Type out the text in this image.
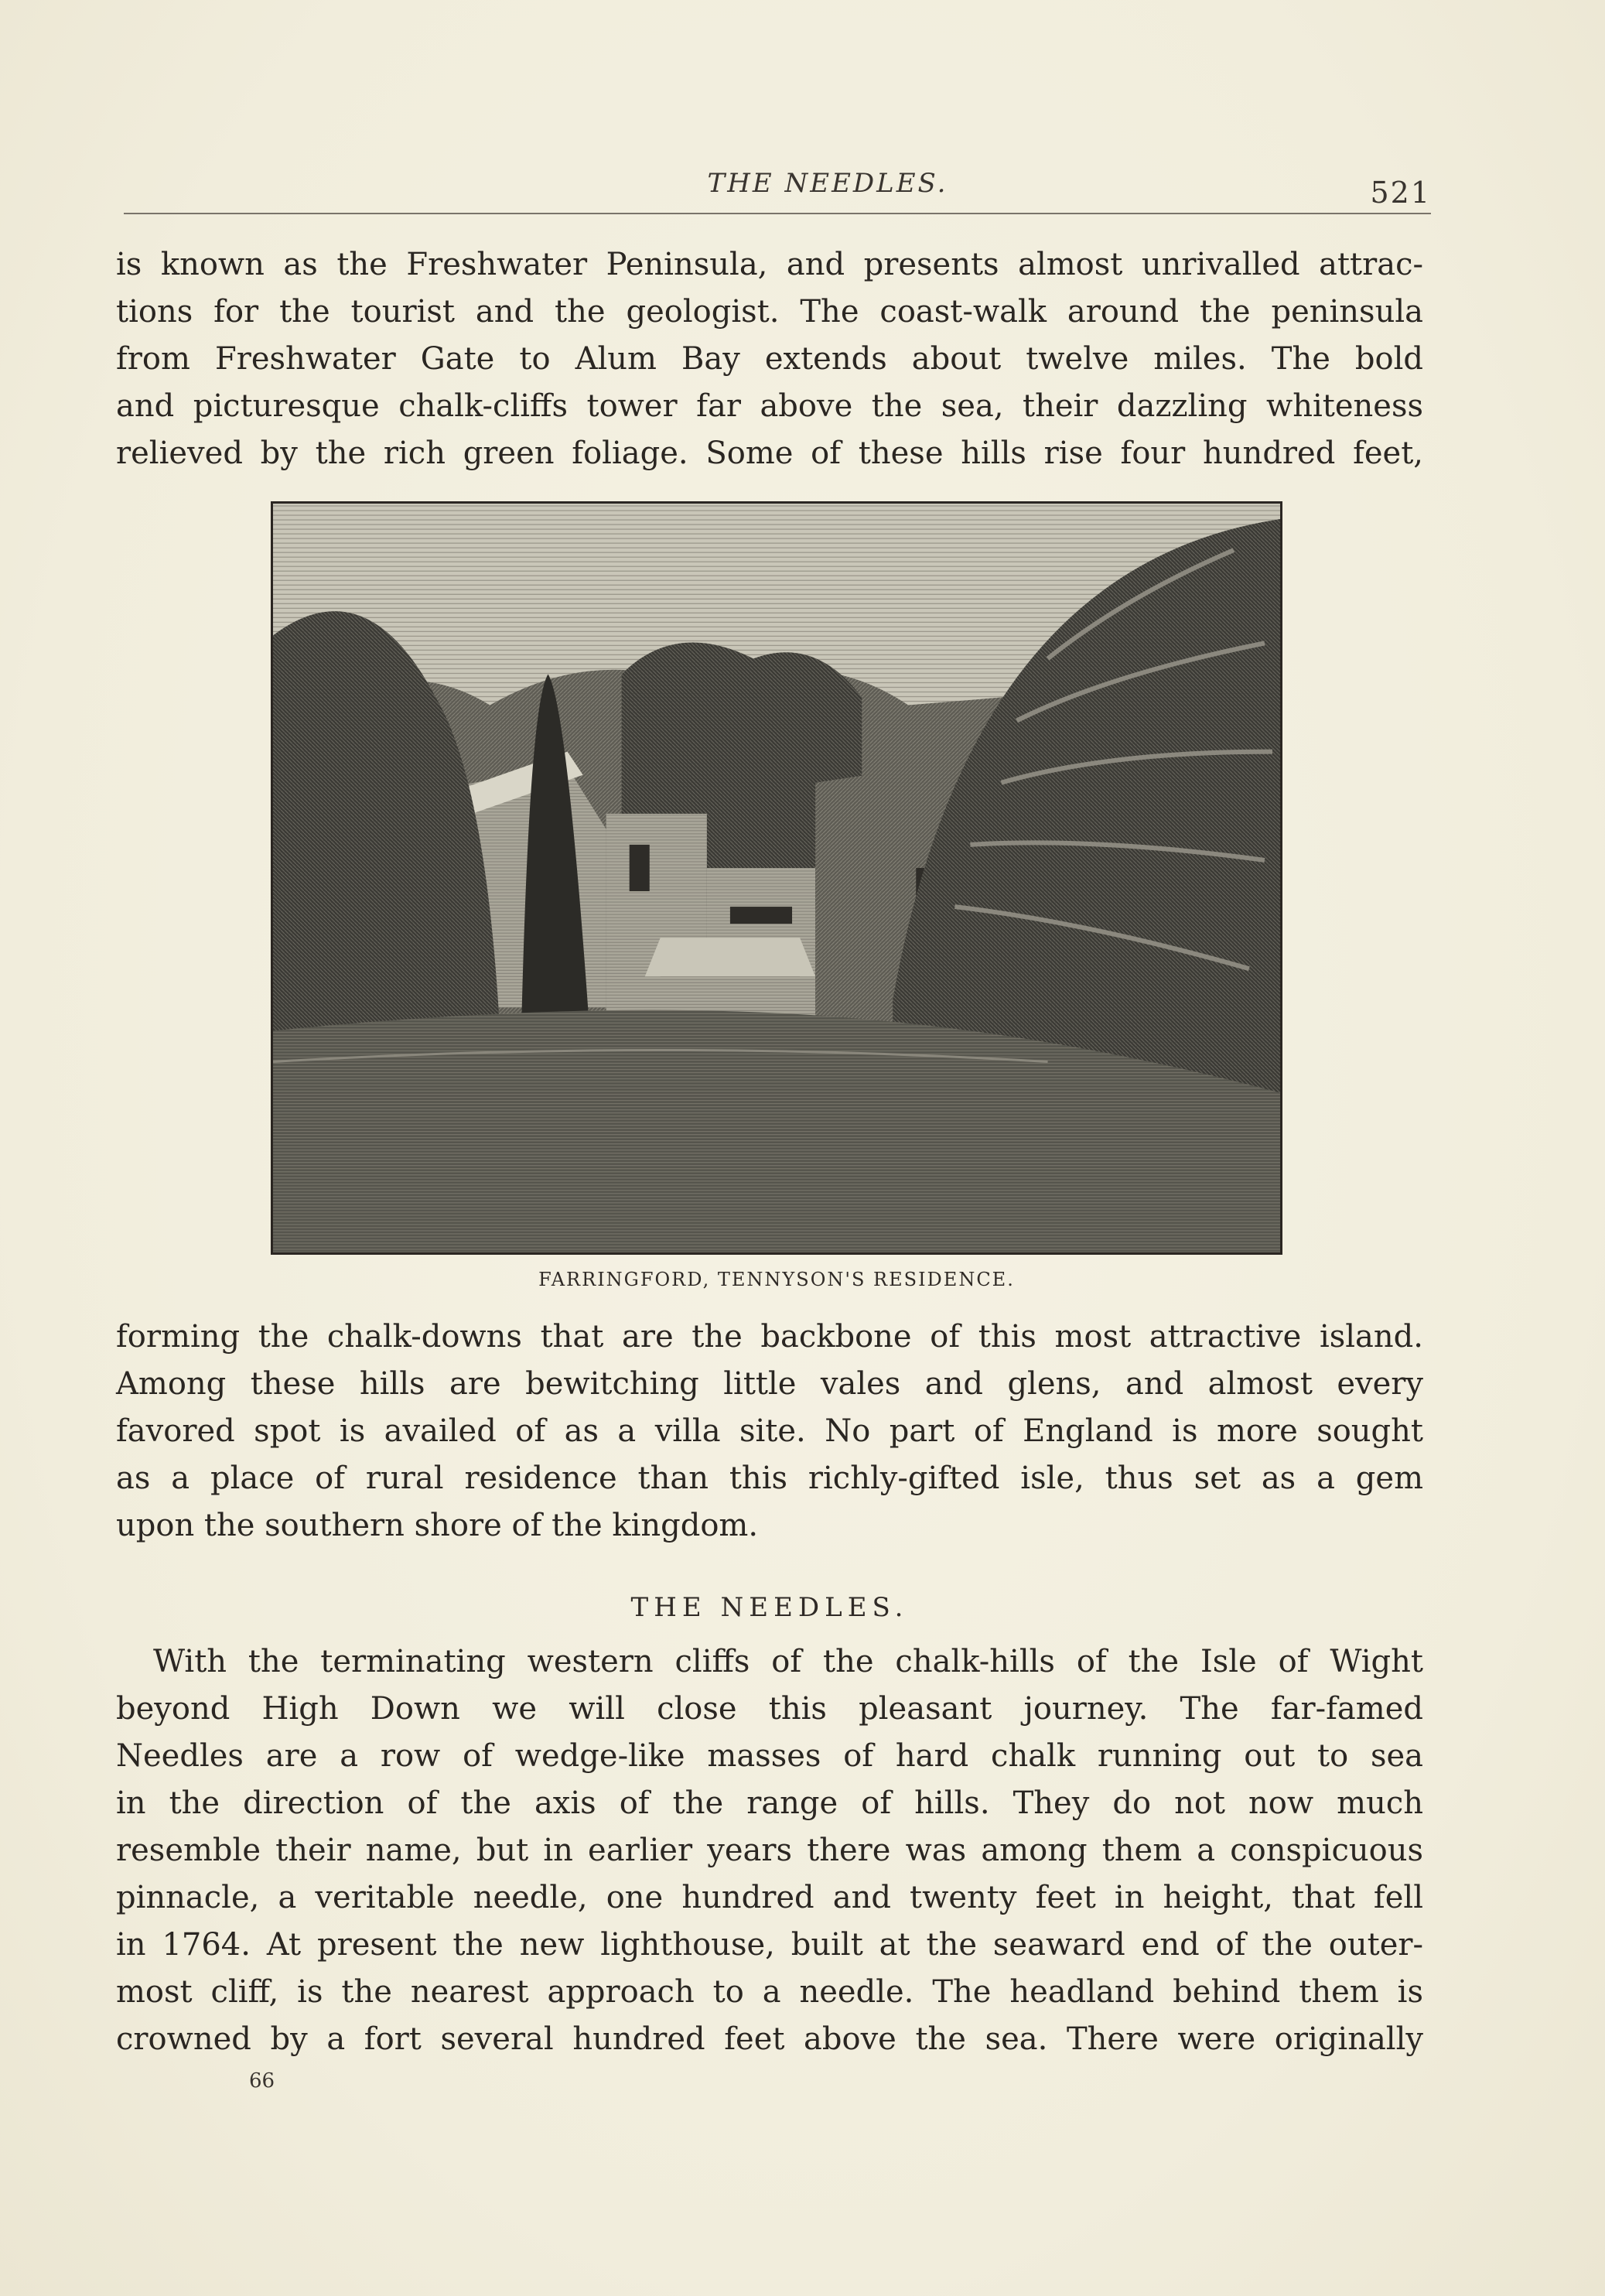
THE NEEDLES.	521
is known as the Freshwater Peninsula, and presents almost unrivalled attrac-
tions for the tourist and the geologist. The coast-walk around the peninsula
from Freshwater Gate to Alum Bay extends about twelve miles. The bold
and picturesque chalk-cliffs tower far above the sea, their dazzling whiteness
relieved by the rich green foliage. Some of these hills rise four hundred feet,
FARRINGFORD, TENNYSON'S RESIDENCE.
forming the chalk-downs that are the backbone of this most attractive island.
Among these hills are bewitching little vales and glens, and almost every
favored spot is availed of as a villa site. No part of England is more sought
as a place of rural residence than this richly-gifted isle, thus set as a gem
upon the southern shore of the kingdom.
THE NEEDLES.
With the terminating western cliffs of the chalk-hills of the Isle of Wight
beyond High Down we will close this pleasant journey. The far-famed
Needles are a row of wedge-like masses of hard chalk running out to sea
in the direction of the axis of the range of hills. They do not now much
resemble their name, but in earlier years there was among them a conspicuous
pinnacle, a veritable needle, one hundred and twenty feet in height, that fell
in 1764. At present the new lighthouse, built at the seaward end of the outer-
most cliff, is the nearest approach to a needle. The headland behind them is
crowned by a fort several hundred feet above the sea. There were originally
66
